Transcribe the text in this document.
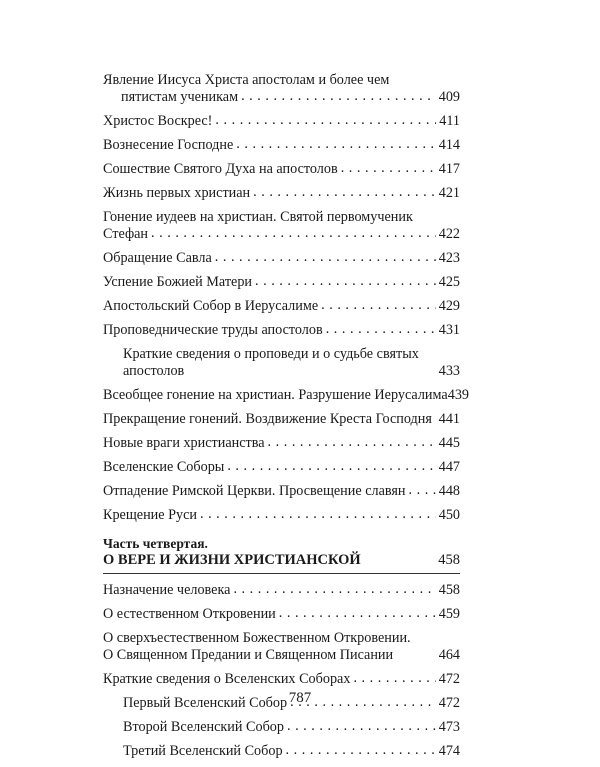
Явление Иисуса Христа апостолам и более чем
пятистам ученикам . . .	409
Христос Воскрес! . . .	411
Вознесение Господне . . .	414
Сошествие Святого Духа на апостолов . . .	417
Жизнь первых христиан . . .	421
Гонение иудеев на христиан. Святой первомученик
Стефан . . .	422
Обращение Савла . . .	423
Успение Божией Матери . . .	425
Апостольский Собор в Иерусалиме . . .	429
Проповеднические труды апостолов . . .	431
Краткие сведения о проповеди и о судьбе святых
апостолов	433
Всеобщее гонение на христиан. Разрушение Иерусалима 439
Прекращение гонений. Воздвижение Креста Господня 441
Новые враги христианства . . .	445
Вселенские Соборы . . .	447
Отпадение Римской Церкви. Просвещение славян . . . 448
Крещение Руси . . .	450
Часть четвертая.
О ВЕРЕ И ЖИЗНИ ХРИСТИАНСКОЙ	458
Назначение человека . . .	458
О естественном Откровении . . .	459
О сверхъестественном Божественном Откровении.
О Священном Предании и Священном Писании	464
Краткие сведения о Вселенских Соборах . . .	472
Первый Вселенский Собор . . .	472
Второй Вселенский Собор . . .	473
Третий Вселенский Собор . . .	474
787
